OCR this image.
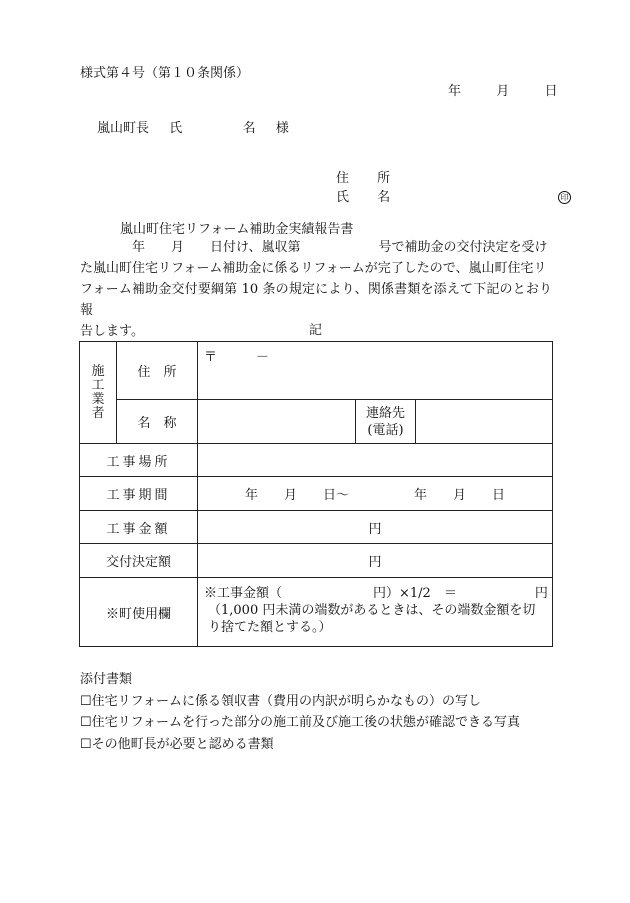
様式第４号（第１０条関係）
年	月	日
嵐山町長 氏	名 様
住 所
氏 名	印
嵐山町住宅リフォーム補助金実績報告書
　　　　年　　月　　日付け、嵐収第　　　　　　号で補助金の交付決定を受け
た嵐山町住宅リフォーム補助金に係るリフォームが完了したので、嵐山町住宅リ
フォーム補助金交付要綱第 10 条の規定により、関係書類を添えて下記のとおり報
告します。	記
施
工
業
者	住　所	〒　　　－		
	名　称		連絡先
(電話)	

工事場所				
工事期間		年　　月　　日～　　　　　年　　月　　日		
工事金額		円		
交付決定額		円		
※町使用欄		※工事金額（　　　　　　　円）×1/2　＝　　　　　　円
（1,000 円未満の端数があるときは、その端数金額を切り捨てた額とする。）		
添付書類
☐住宅リフォームに係る領収書（費用の内訳が明らかなもの）の写し
☐住宅リフォームを行った部分の施工前及び施工後の状態が確認できる写真
☐その他町長が必要と認める書類
